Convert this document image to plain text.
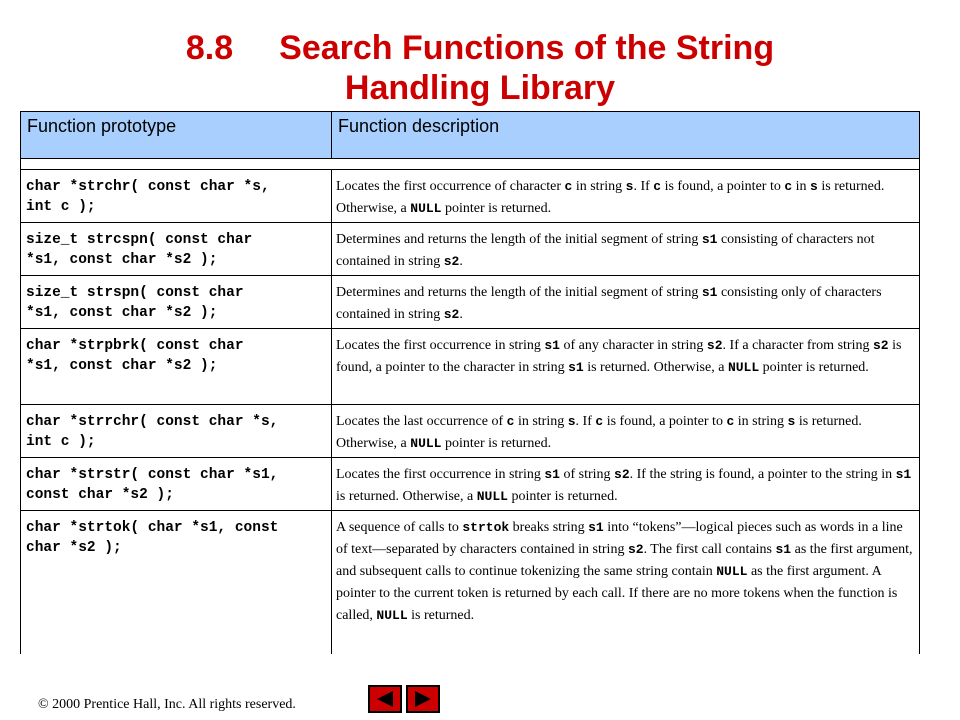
8.8 Search Functions of the String
Handling Library
Function prototype	Function description
char *strchr( const char *s,
int c );
Locates the first occurrence of character c in string s. If c is found, a pointer to c in s is returned. Otherwise, a NULL pointer is returned.
size_t strcspn( const char
*s1, const char *s2 );
Determines and returns the length of the initial segment of string s1 consisting of characters not contained in string s2.
size_t strspn( const char
*s1, const char *s2 );
Determines and returns the length of the initial segment of string s1 consisting only of characters contained in string s2.
char *strpbrk( const char
*s1, const char *s2 );
Locates the first occurrence in string s1 of any character in string s2. If a character from string s2 is found, a pointer to the character in string s1 is returned. Otherwise, a NULL pointer is returned.
char *strrchr( const char *s,
int c );
Locates the last occurrence of c in string s. If c is found, a pointer to c in string s is returned. Otherwise, a NULL pointer is returned.
char *strstr( const char *s1,
const char *s2 );
Locates the first occurrence in string s1 of string s2. If the string is found, a pointer to the string in s1 is returned. Otherwise, a NULL pointer is returned.
char *strtok( char *s1, const
char *s2 );
A sequence of calls to strtok breaks string s1 into “tokens”—logical pieces such as words in a line of text—separated by characters contained in string s2. The first call contains s1 as the first argument, and subsequent calls to continue tokenizing the same string contain NULL as the first argument. A pointer to the current token is returned by each call. If there are no more tokens when the function is called, NULL is returned.
© 2000 Prentice Hall, Inc. All rights reserved.
